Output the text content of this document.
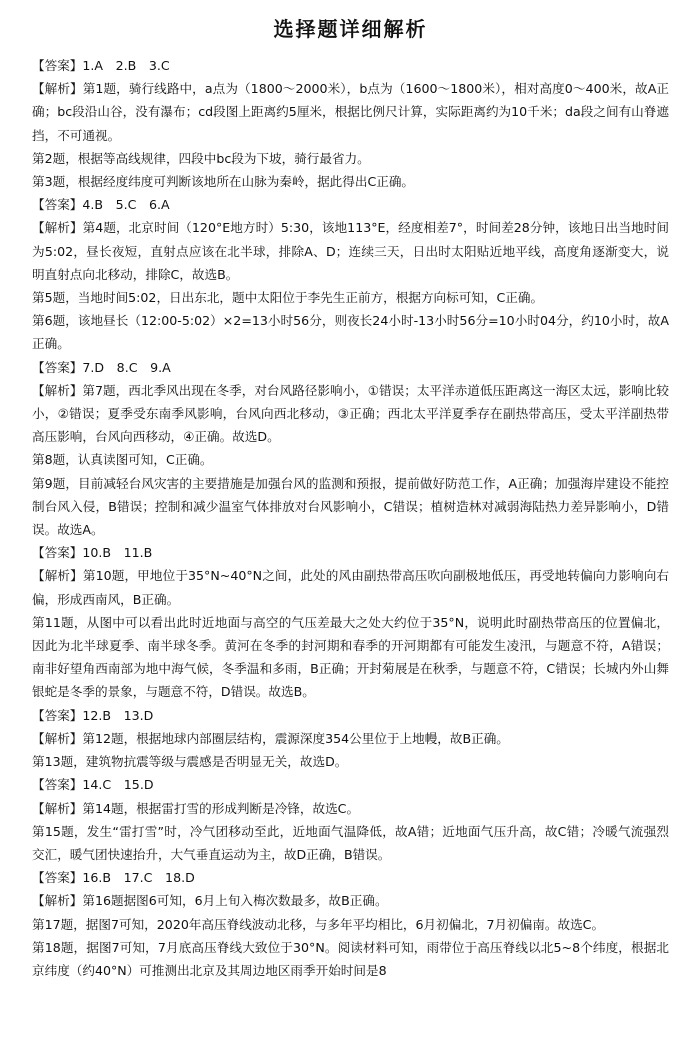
选择题详细解析

【答案】1.A　2.B　3.C

【解析】第1题，骑行线路中，a点为（1800～2000米），b点为（1600～1800米），相对高度0～400米，故A正确；bc段沿山谷，没有瀑布；cd段图上距离约5厘米，根据比例尺计算，实际距离约为10千米；da段之间有山脊遮挡，不可通视。

第2题，根据等高线规律，四段中bc段为下坡，骑行最省力。

第3题，根据经度纬度可判断该地所在山脉为秦岭，据此得出C正确。

【答案】4.B　5.C　6.A

【解析】第4题，北京时间（120°E地方时）5:30，该地113°E，经度相差7°，时间差28分钟，该地日出当地时间为5:02，昼长夜短，直射点应该在北半球，排除A、D；连续三天，日出时太阳贴近地平线，高度角逐渐变大，说明直射点向北移动，排除C，故选B。

第5题，当地时间5:02，日出东北，题中太阳位于李先生正前方，根据方向标可知，C正确。

第6题，该地昼长（12:00-5:02）×2=13小时56分，则夜长24小时-13小时56分=10小时04分，约10小时，故A正确。

【答案】7.D　8.C　9.A

【解析】第7题，西北季风出现在冬季，对台风路径影响小，①错误；太平洋赤道低压距离这一海区太远，影响比较小，②错误；夏季受东南季风影响，台风向西北移动，③正确；西北太平洋夏季存在副热带高压，受太平洋副热带高压影响，台风向西移动，④正确。故选D。

第8题，认真读图可知，C正确。

第9题，目前减轻台风灾害的主要措施是加强台风的监测和预报，提前做好防范工作，A正确；加强海岸建设不能控制台风入侵，B错误；控制和减少温室气体排放对台风影响小，C错误；植树造林对减弱海陆热力差异影响小，D错误。故选A。

【答案】10.B　11.B

【解析】第10题，甲地位于35°N~40°N之间，此处的风由副热带高压吹向副极地低压，再受地转偏向力影响向右偏，形成西南风，B正确。

第11题，从图中可以看出此时近地面与高空的气压差最大之处大约位于35°N，说明此时副热带高压的位置偏北，因此为北半球夏季、南半球冬季。黄河在冬季的封河期和春季的开河期都有可能发生凌汛，与题意不符，A错误；南非好望角西南部为地中海气候，冬季温和多雨，B正确；开封菊展是在秋季，与题意不符，C错误；长城内外山舞银蛇是冬季的景象，与题意不符，D错误。故选B。

【答案】12.B　13.D

【解析】第12题，根据地球内部圈层结构，震源深度354公里位于上地幔，故B正确。

第13题，建筑物抗震等级与震感是否明显无关，故选D。

【答案】14.C　15.D

【解析】第14题，根据雷打雪的形成判断是冷锋，故选C。

第15题，发生“雷打雪”时，冷气团移动至此，近地面气温降低，故A错；近地面气压升高，故C错；冷暖气流强烈交汇，暖气团快速抬升，大气垂直运动为主，故D正确，B错误。

【答案】16.B　17.C　18.D

【解析】第16题据图6可知，6月上旬入梅次数最多，故B正确。

第17题，据图7可知，2020年高压脊线波动北移，与多年平均相比，6月初偏北，7月初偏南。故选C。

第18题，据图7可知，7月底高压脊线大致位于30°N。阅读材料可知，雨带位于高压脊线以北5~8个纬度，根据北京纬度（约40°N）可推测出北京及其周边地区雨季开始时间是8
